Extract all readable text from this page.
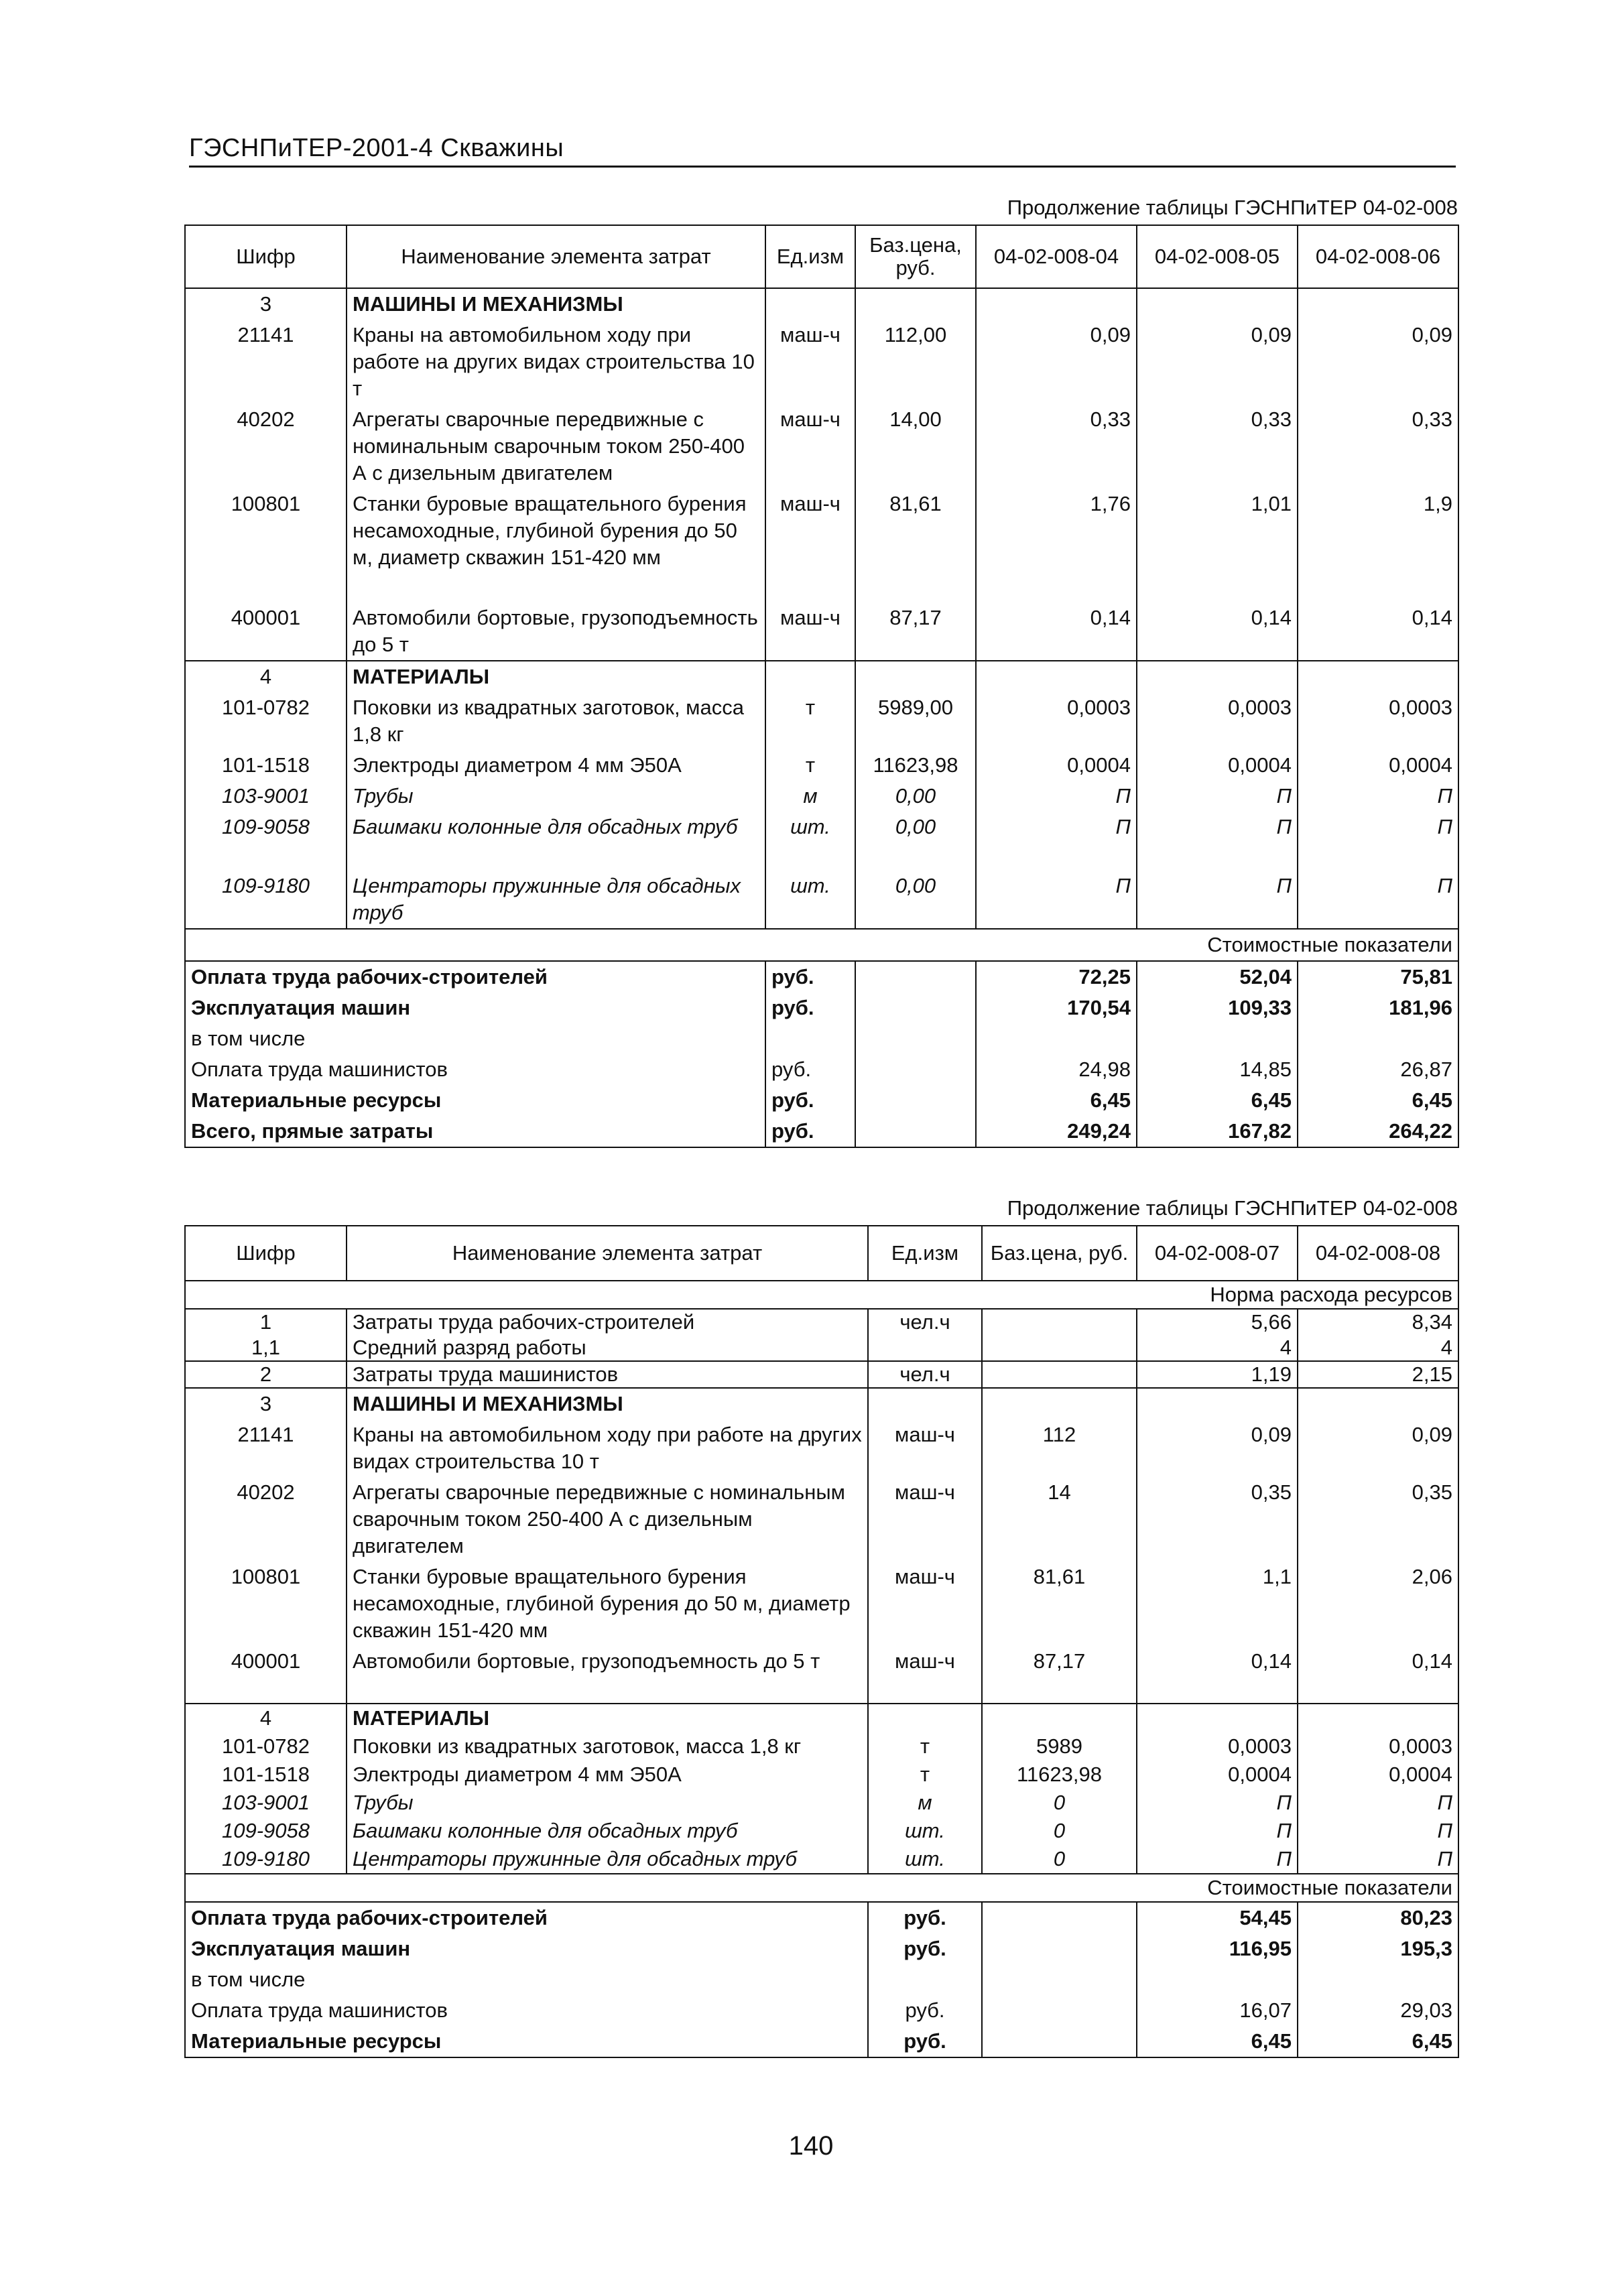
ГЭСНПиТЕР-2001-4 Скважины
Продолжение таблицы ГЭСНПиТЕР 04-02-008
Шифр	Наименование элемента затрат	Ед.изм	Баз.цена, руб.	04-02-008-04	04-02-008-05	04-02-008-06
3	МАШИНЫ И МЕХАНИЗМЫ					
21141	Краны на автомобильном ходу при работе на других видах строительства 10 т	маш-ч	112,00	0,09	0,09	0,09
40202	Агрегаты сварочные передвижные с номинальным сварочным током 250-400 А с дизельным двигателем	маш-ч	14,00	0,33	0,33	0,33
100801	Станки буровые вращательного бурения несамоходные, глубиной бурения до 50 м, диаметр скважин 151-420 мм	маш-ч	81,61	1,76	1,01	1,9
400001	Автомобили бортовые, грузоподъемность до 5 т	маш-ч	87,17	0,14	0,14	0,14
4	МАТЕРИАЛЫ					
101-0782	Поковки из квадратных заготовок, масса 1,8 кг	т	5989,00	0,0003	0,0003	0,0003
101-1518	Электроды диаметром 4 мм Э50А	т	11623,98	0,0004	0,0004	0,0004
103-9001	Трубы	м	0,00	П	П	П
109-9058	Башмаки колонные для обсадных труб	шт.	0,00	П	П	П
109-9180	Центраторы пружинные для обсадных труб	шт.	0,00	П	П	П
Стоимостные показатели						
Оплата труда рабочих-строителей		руб.		72,25	52,04	75,81
Эксплуатация машин		руб.		170,54	109,33	181,96
в том числе						
Оплата труда машинистов		руб.		24,98	14,85	26,87
Материальные ресурсы		руб.		6,45	6,45	6,45
Всего, прямые затраты		руб.		249,24	167,82	264,22
Продолжение таблицы ГЭСНПиТЕР 04-02-008
Шифр	Наименование элемента затрат	Ед.изм	Баз.цена, руб.	04-02-008-07	04-02-008-08
Норма расхода ресурсов					
1	Затраты труда рабочих-строителей	чел.ч		5,66	8,34
1,1	Средний разряд работы			4	4
2	Затраты труда машинистов	чел.ч		1,19	2,15
3	МАШИНЫ И МЕХАНИЗМЫ				
21141	Краны на автомобильном ходу при работе на других видах строительства 10 т	маш-ч	112	0,09	0,09
40202	Агрегаты сварочные передвижные с номинальным сварочным током 250-400 А с дизельным двигателем	маш-ч	14	0,35	0,35
100801	Станки буровые вращательного бурения несамоходные, глубиной бурения до 50 м, диаметр скважин 151-420 мм	маш-ч	81,61	1,1	2,06
400001	Автомобили бортовые, грузоподъемность до 5 т	маш-ч	87,17	0,14	0,14
4	МАТЕРИАЛЫ				
101-0782	Поковки из квадратных заготовок, масса 1,8 кг	т	5989	0,0003	0,0003
101-1518	Электроды диаметром 4 мм Э50А	т	11623,98	0,0004	0,0004
103-9001	Трубы	м	0	П	П
109-9058	Башмаки колонные для обсадных труб	шт.	0	П	П
109-9180	Центраторы пружинные для обсадных труб	шт.	0	П	П
Стоимостные показатели					
Оплата труда рабочих-строителей		руб.		54,45	80,23
Эксплуатация машин		руб.		116,95	195,3
в том числе					
Оплата труда машинистов		руб.		16,07	29,03
Материальные ресурсы		руб.		6,45	6,45
140
